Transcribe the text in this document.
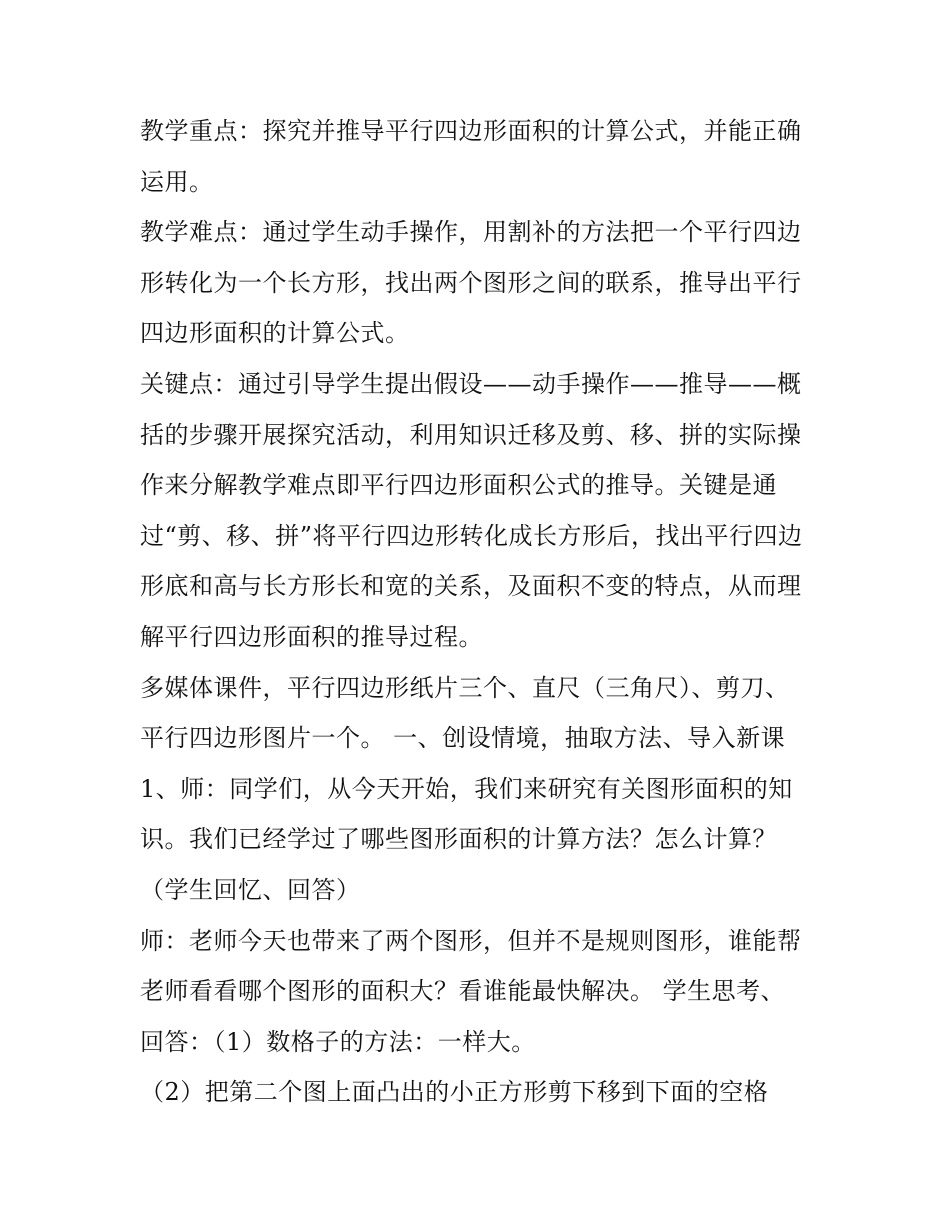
教学重点：探究并推导平行四边形面积的计算公式，并能正确
运用。
教学难点：通过学生动手操作，用割补的方法把一个平行四边
形转化为一个长方形，找出两个图形之间的联系，推导出平行
四边形面积的计算公式。
关键点：通过引导学生提出假设——动手操作——推导——概
括的步骤开展探究活动，利用知识迁移及剪、移、拼的实际操
作来分解教学难点即平行四边形面积公式的推导。关键是通
过“剪、移、拼”将平行四边形转化成长方形后，找出平行四边
形底和高与长方形长和宽的关系，及面积不变的特点，从而理
解平行四边形面积的推导过程。
多媒体课件，平行四边形纸片三个、直尺（三角尺）、剪刀、
平行四边形图片一个。 一、创设情境，抽取方法、导入新课
1、师：同学们，从今天开始，我们来研究有关图形面积的知
识。我们已经学过了哪些图形面积的计算方法？怎么计算？
（学生回忆、回答）
师：老师今天也带来了两个图形，但并不是规则图形，谁能帮
老师看看哪个图形的面积大？看谁能最快解决。 学生思考、
回答：（1）数格子的方法：一样大。
（2）把第二个图上面凸出的小正方形剪下移到下面的空格
